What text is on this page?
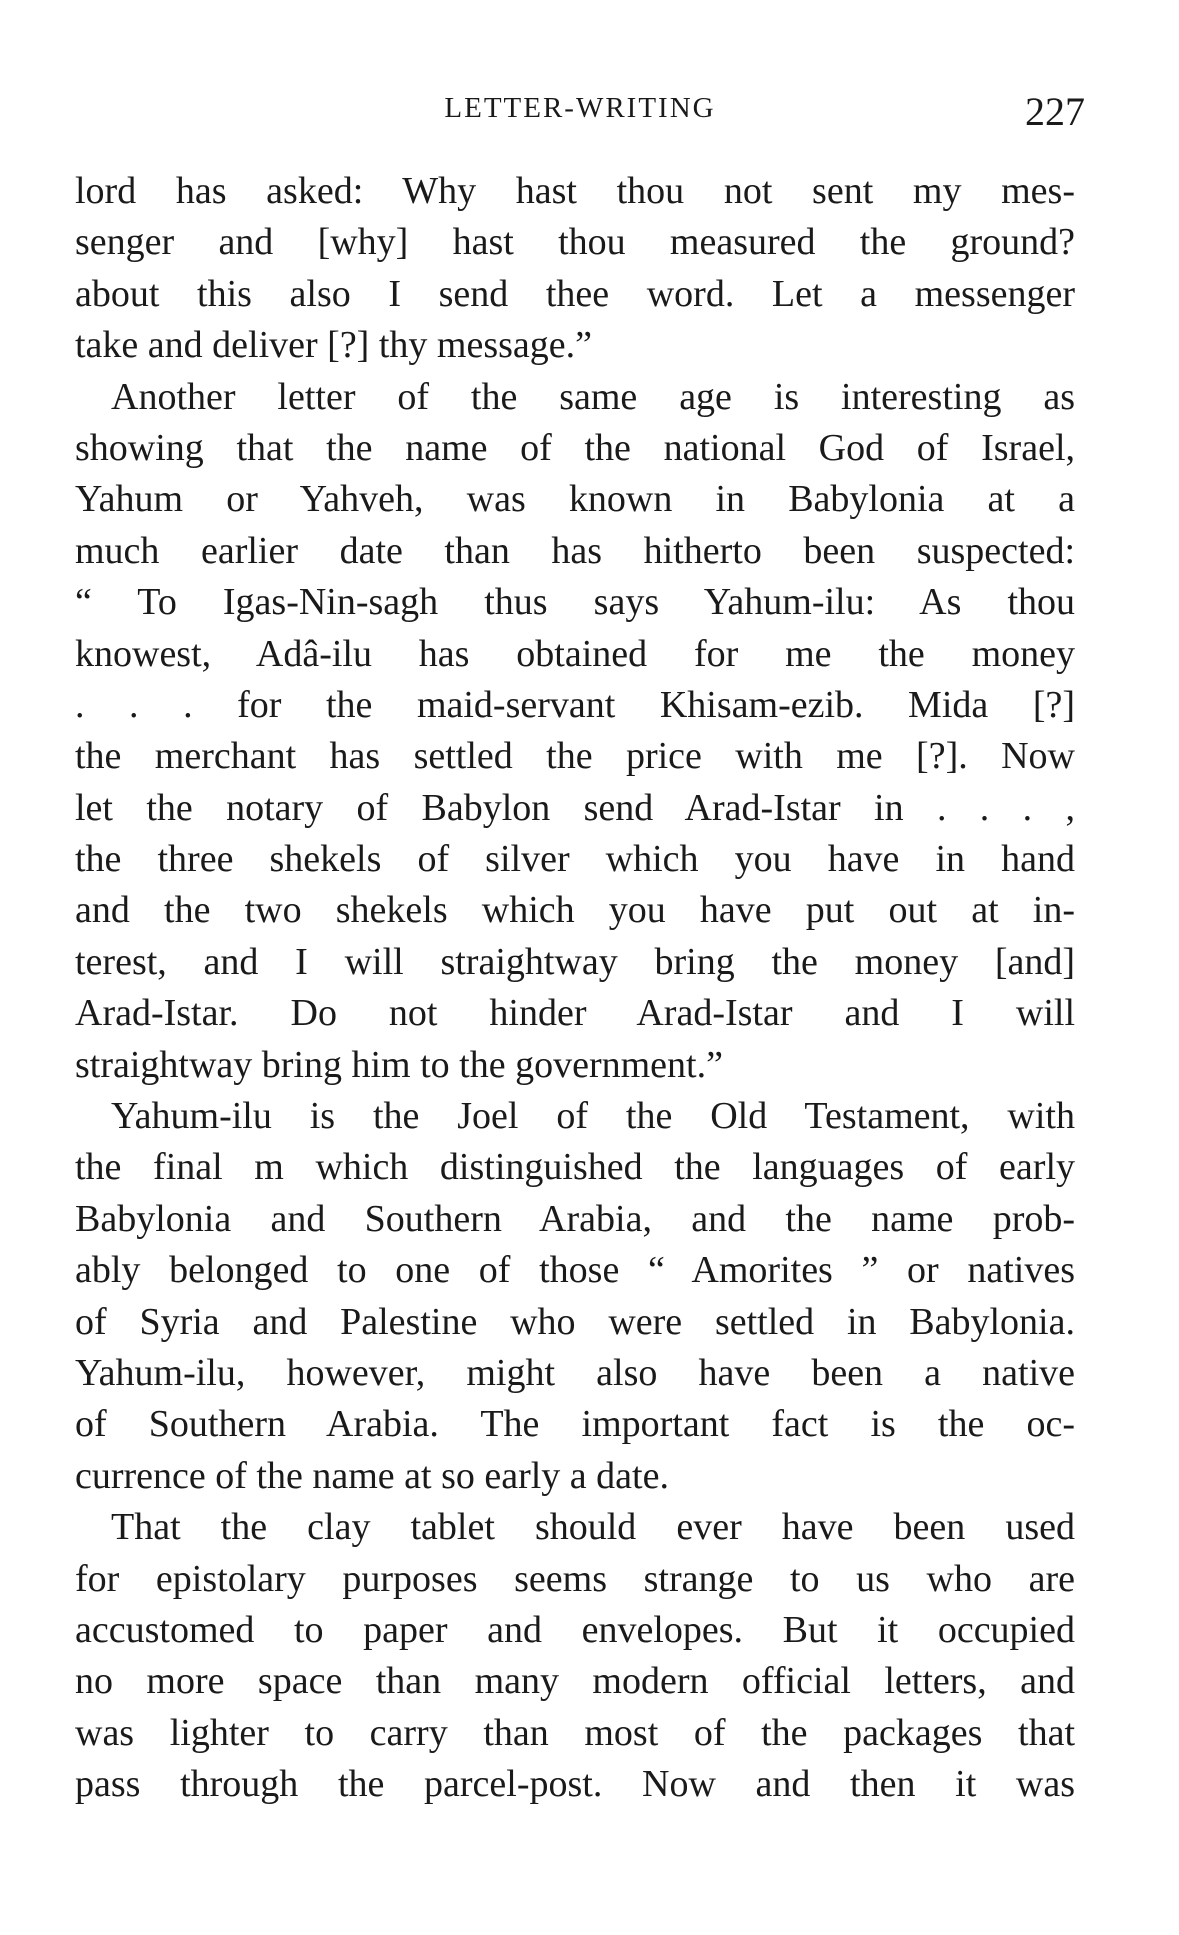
LETTER-WRITING	227
lord has asked: Why hast thou not sent my mes-
senger and [why] hast thou measured the ground?
about this also I send thee word. Let a messenger
take and deliver [?] thy message.”
Another letter of the same age is interesting as
showing that the name of the national God of Israel,
Yahum or Yahveh, was known in Babylonia at a
much earlier date than has hitherto been suspected:
“ To Igas-Nin-sagh thus says Yahum-ilu: As thou
knowest, Adâ-ilu has obtained for me the money
. . . for the maid-servant Khisam-ezib. Mida [?]
the merchant has settled the price with me [?]. Now
let the notary of Babylon send Arad-Istar in . . . ,
the three shekels of silver which you have in hand
and the two shekels which you have put out at in-
terest, and I will straightway bring the money [and]
Arad-Istar. Do not hinder Arad-Istar and I will
straightway bring him to the government.”
Yahum-ilu is the Joel of the Old Testament, with
the final m which distinguished the languages of early
Babylonia and Southern Arabia, and the name prob-
ably belonged to one of those “ Amorites ” or natives
of Syria and Palestine who were settled in Babylonia.
Yahum-ilu, however, might also have been a native
of Southern Arabia. The important fact is the oc-
currence of the name at so early a date.
That the clay tablet should ever have been used
for epistolary purposes seems strange to us who are
accustomed to paper and envelopes. But it occupied
no more space than many modern official letters, and
was lighter to carry than most of the packages that
pass through the parcel-post. Now and then it was
